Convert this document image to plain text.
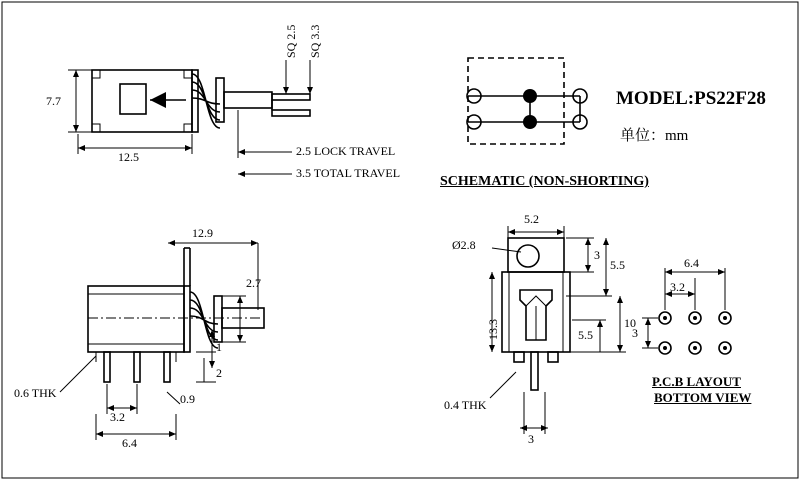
7.7
12.5
SQ 2.5 SQ 3.3
2.5 LOCK TRAVEL
3.5 TOTAL TRAVEL
MODEL:PS22F28
单位：mm
SCHEMATIC (NON-SHORTING)
12.9
2.7
1
2
0.6 THK
3.2
0.9
6.4
5.2
Ø2.8
3
5.5
10
5.5
13.3
0.4 THK
3
6.4
3.2
3
P.C.B LAYOUT
BOTTOM VIEW
